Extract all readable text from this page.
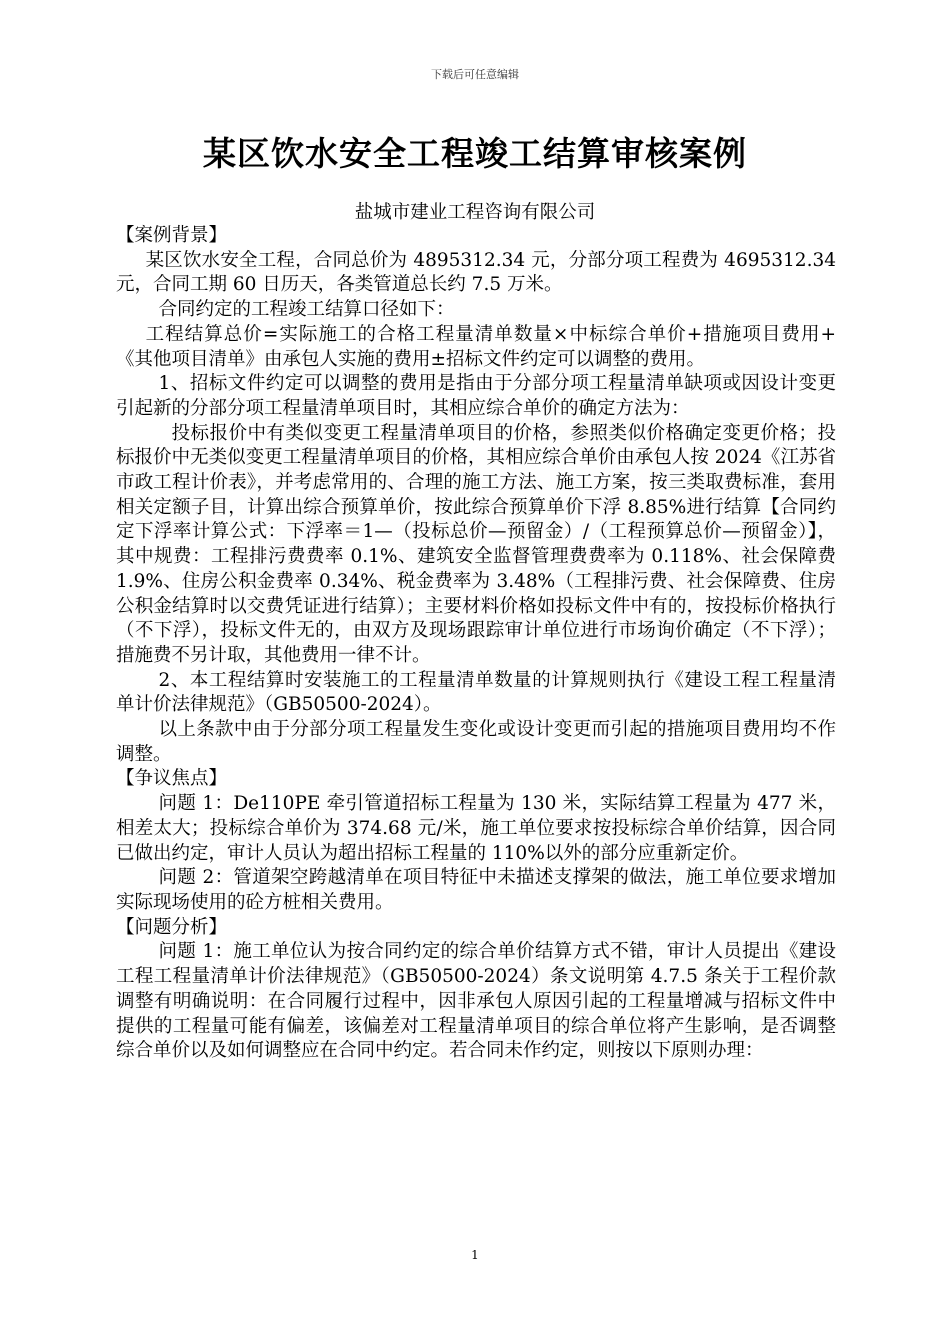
下载后可任意编辑
某区饮水安全工程竣工结算审核案例
盐城市建业工程咨询有限公司

【案例背景】

某区饮水安全工程，合同总价为 4895312.34 元，分部分项工程费为 4695312.34 元，合同工期 60 日历天，各类管道总长约 7.5 万米。

合同约定的工程竣工结算口径如下：

工程结算总价=实际施工的合格工程量清单数量×中标综合单价+措施项目费用+《其他项目清单》由承包人实施的费用±招标文件约定可以调整的费用。

1、招标文件约定可以调整的费用是指由于分部分项工程量清单缺项或因设计变更引起新的分部分项工程量清单项目时，其相应综合单价的确定方法为：

投标报价中有类似变更工程量清单项目的价格，参照类似价格确定变更价格；投标报价中无类似变更工程量清单项目的价格，其相应综合单价由承包人按 2024《江苏省市政工程计价表》，并考虑常用的、合理的施工方法、施工方案，按三类取费标准，套用相关定额子目，计算出综合预算单价，按此综合预算单价下浮 8.85%进行结算【合同约定下浮率计算公式：下浮率＝1—（投标总价—预留金）/（工程预算总价—预留金）】，其中规费：工程排污费费率 0.1%、建筑安全监督管理费费率为 0.118%、社会保障费 1.9%、住房公积金费率 0.34%、税金费率为 3.48%（工程排污费、社会保障费、住房公积金结算时以交费凭证进行结算）；主要材料价格如投标文件中有的，按投标价格执行（不下浮），投标文件无的，由双方及现场跟踪审计单位进行市场询价确定（不下浮）；措施费不另计取，其他费用一律不计。

2、本工程结算时安装施工的工程量清单数量的计算规则执行《建设工程工程量清单计价法律规范》（GB50500-2024）。

以上条款中由于分部分项工程量发生变化或设计变更而引起的措施项目费用均不作调整。

【争议焦点】

问题 1：De110PE 牵引管道招标工程量为 130 米，实际结算工程量为 477 米，相差太大；投标综合单价为 374.68 元/米，施工单位要求按投标综合单价结算，因合同已做出约定，审计人员认为超出招标工程量的 110%以外的部分应重新定价。

问题 2：管道架空跨越清单在项目特征中未描述支撑架的做法，施工单位要求增加实际现场使用的砼方桩相关费用。

【问题分析】

问题 1：施工单位认为按合同约定的综合单价结算方式不错，审计人员提出《建设工程工程量清单计价法律规范》（GB50500-2024）条文说明第 4.7.5 条关于工程价款调整有明确说明：在合同履行过程中，因非承包人原因引起的工程量增减与招标文件中提供的工程量可能有偏差，该偏差对工程量清单项目的综合单位将产生影响，是否调整综合单价以及如何调整应在合同中约定。若合同未作约定，则按以下原则办理：

1
